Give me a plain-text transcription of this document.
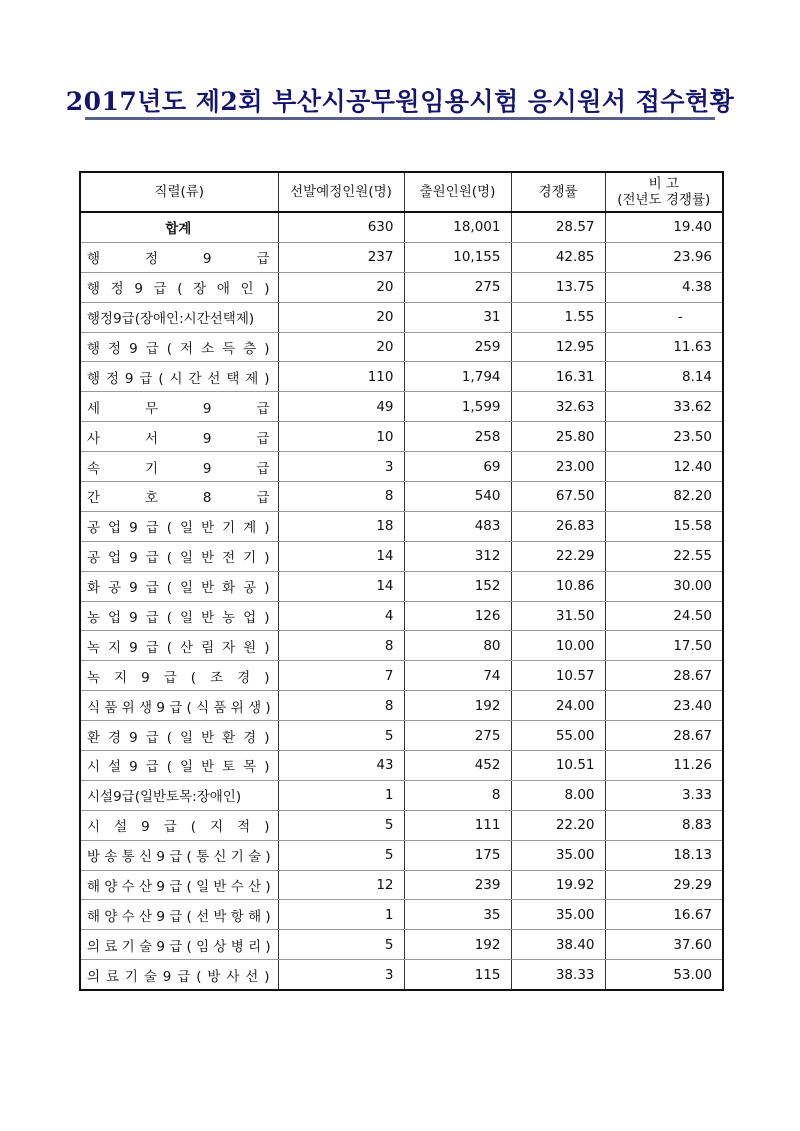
2017년도 제2회 부산시공무원임용시험 응시원서 접수현황
직렬(류)	선발예정인원(명)	출원인원(명)	경쟁률	비 고
(전년도 경쟁률)

합계	630	18,001	28.57	19.40
행 정 9 급	237	10,155	42.85	23.96
행 정 9 급 ( 장 애 인 )	20	275	13.75	4.38
행정9급(장애인:시간선택제)	20	31	1.55	-
행 정 9 급 ( 저 소 득 층 )	20	259	12.95	11.63
행 정 9 급 ( 시 간 선 택 제 )	110	1,794	16.31	8.14
세 무 9 급	49	1,599	32.63	33.62
사 서 9 급	10	258	25.80	23.50
속 기 9 급	3	69	23.00	12.40
간 호 8 급	8	540	67.50	82.20
공 업 9 급 ( 일 반 기 계 )	18	483	26.83	15.58
공 업 9 급 ( 일 반 전 기 )	14	312	22.29	22.55
화 공 9 급 ( 일 반 화 공 )	14	152	10.86	30.00
농 업 9 급 ( 일 반 농 업 )	4	126	31.50	24.50
녹 지 9 급 ( 산 림 자 원 )	8	80	10.00	17.50
녹 지 9 급 ( 조 경 )	7	74	10.57	28.67
식 품 위 생 9 급 ( 식 품 위 생 )	8	192	24.00	23.40
환 경 9 급 ( 일 반 환 경 )	5	275	55.00	28.67
시 설 9 급 ( 일 반 토 목 )	43	452	10.51	11.26
시설9급(일반토목:장애인)	1	8	8.00	3.33
시 설 9 급 ( 지 적 )	5	111	22.20	8.83
방 송 통 신 9 급 ( 통 신 기 술 )	5	175	35.00	18.13
해 양 수 산 9 급 ( 일 반 수 산 )	12	239	19.92	29.29
해 양 수 산 9 급 ( 선 박 항 해 )	1	35	35.00	16.67
의 료 기 술 9 급 ( 임 상 병 리 )	5	192	38.40	37.60
의 료 기 술 9 급 ( 방 사 선 )	3	115	38.33	53.00
